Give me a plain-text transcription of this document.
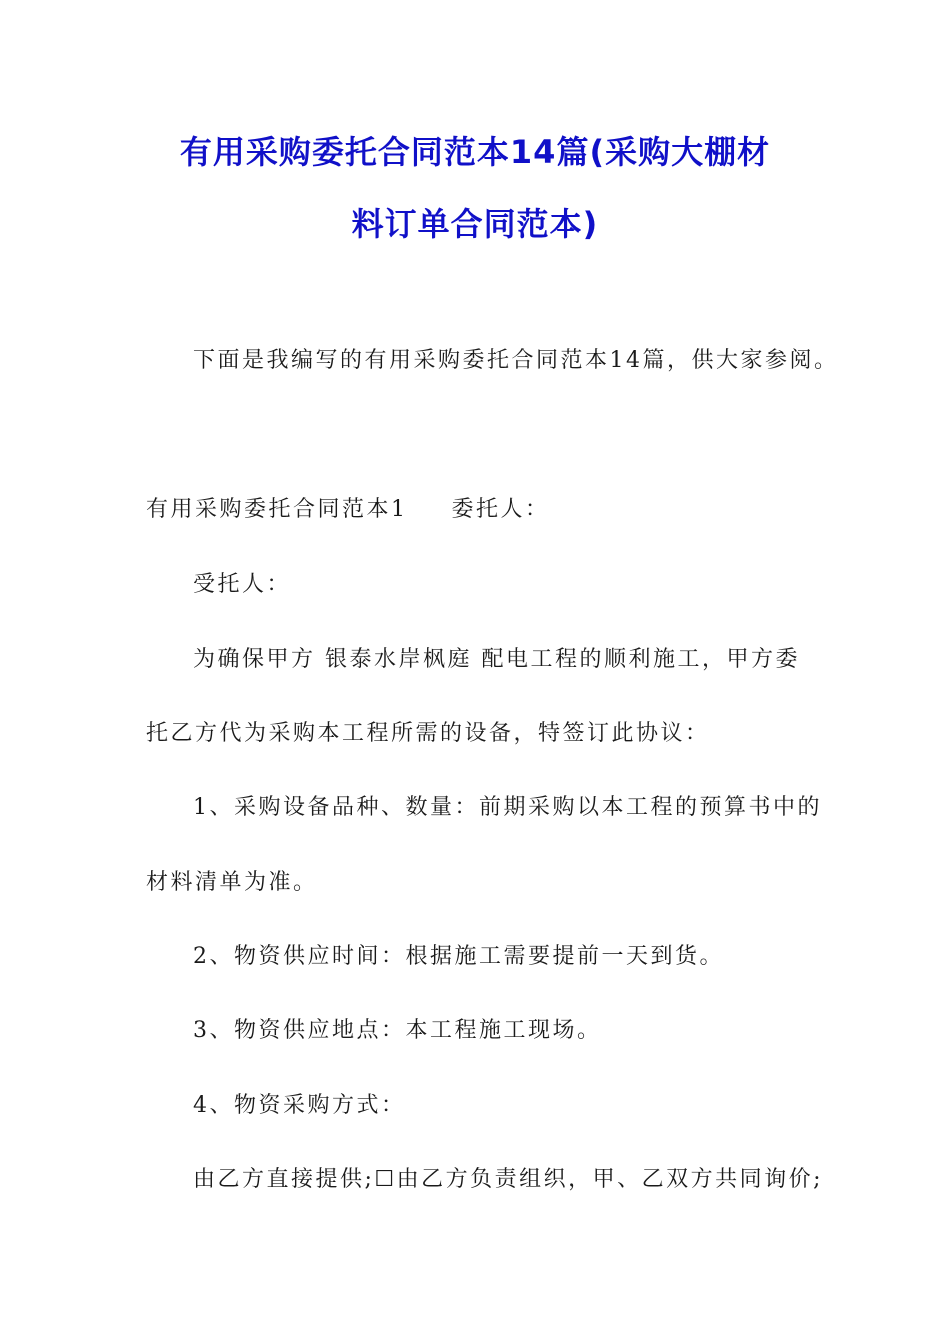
有用采购委托合同范本14篇(采购大棚材
料订单合同范本)
下面是我编写的有用采购委托合同范本14篇，供大家参阅。
有用采购委托合同范本1 委托人：
受托人：
为确保甲方 银泰水岸枫庭 配电工程的顺利施工，甲方委
托乙方代为采购本工程所需的设备，特签订此协议：
1、采购设备品种、数量：前期采购以本工程的预算书中的
材料清单为准。
2、物资供应时间：根据施工需要提前一天到货。
3、物资供应地点：本工程施工现场。
4、物资采购方式：
由乙方直接提供;☐由乙方负责组织，甲、乙双方共同询价;
